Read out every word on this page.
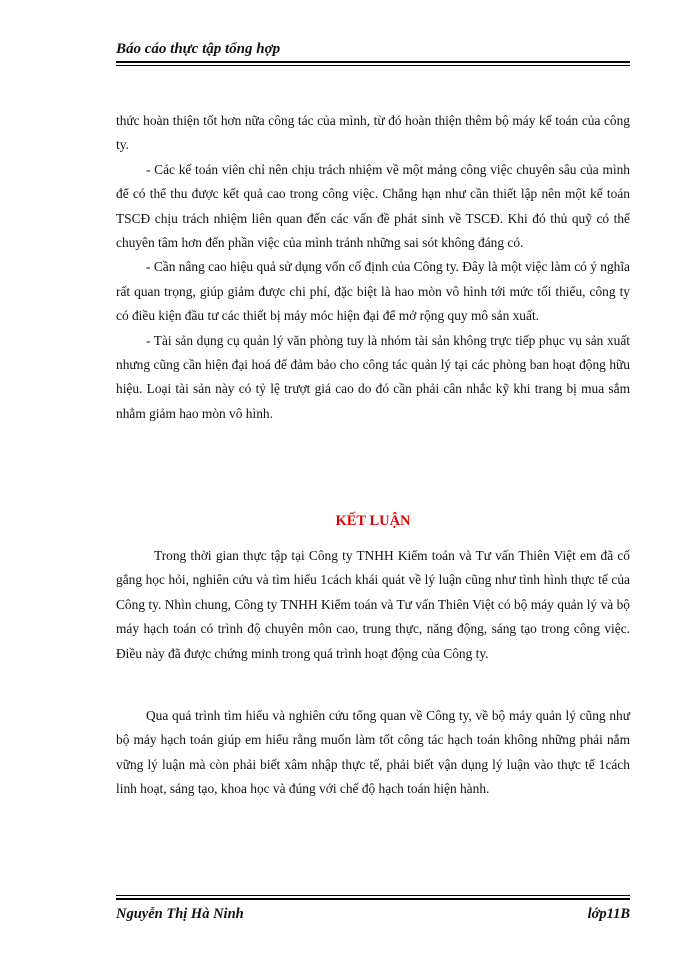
Báo cáo thực tập tổng hợp

thức hoàn thiện tốt hơn nữa công tác của mình, từ đó hoàn thiện thêm bộ máy kế toán của công ty.

- Các kế toán viên chỉ nên chịu trách nhiệm về một mảng công việc chuyên sâu của mình để có thể thu được kết quả cao trong công việc. Chẳng hạn như cần thiết lập nên một kế toán TSCĐ chịu trách nhiệm liên quan đến các vấn đề phát sinh về TSCĐ. Khi đó thủ quỹ có thể chuyên tâm hơn đến phần việc của mình tránh những sai sót không đáng có.

- Cần nâng cao hiệu quả sử dụng vốn cố định của Công ty. Đây là một việc làm có ý nghĩa rất quan trọng, giúp giảm được chi phí, đặc biệt là hao mòn vô hình tới mức tối thiểu, công ty có điều kiện đầu tư các thiết bị máy móc hiện đại để mở rộng quy mô sản xuất.

- Tài sản dụng cụ quản lý văn phòng tuy là nhóm tài sản không trực tiếp phục vụ sản xuất nhưng cũng cần hiện đại hoá để đảm bảo cho công tác quản lý tại các phòng ban hoạt động hữu hiệu. Loại tài sản này có tỷ lệ trượt giá cao do đó cần phải cân nhắc kỹ khi trang bị mua sắm nhằm giảm hao mòn vô hình.

KẾT LUẬN

Trong thời gian thực tập tại Công ty TNHH Kiểm toán và Tư vấn Thiên Việt em đã cố gắng học hỏi, nghiên cứu và tìm hiểu 1cách khái quát về lý luận cũng như tình hình thực tế của Công ty. Nhìn chung, Công ty TNHH Kiểm toán và Tư vấn Thiên Việt có bộ máy quản lý và bộ máy hạch toán có trình độ chuyên môn cao, trung thực, năng động, sáng tạo trong công việc. Điều này đã được chứng minh trong quá trình hoạt động của Công ty.

Qua quá trình tìm hiểu và nghiên cứu tổng quan về Công ty, về bộ máy quản lý cũng như bộ máy hạch toán giúp em hiểu rằng muốn làm tốt công tác hạch toán không những phải nắm vững lý luận mà còn phải biết xâm nhập thực tế, phải biết vận dụng lý luận vào thực tế 1cách linh hoạt, sáng tạo, khoa học và đúng với chế độ hạch toán hiện hành.

Nguyễn Thị Hà Ninh	lớp11B
